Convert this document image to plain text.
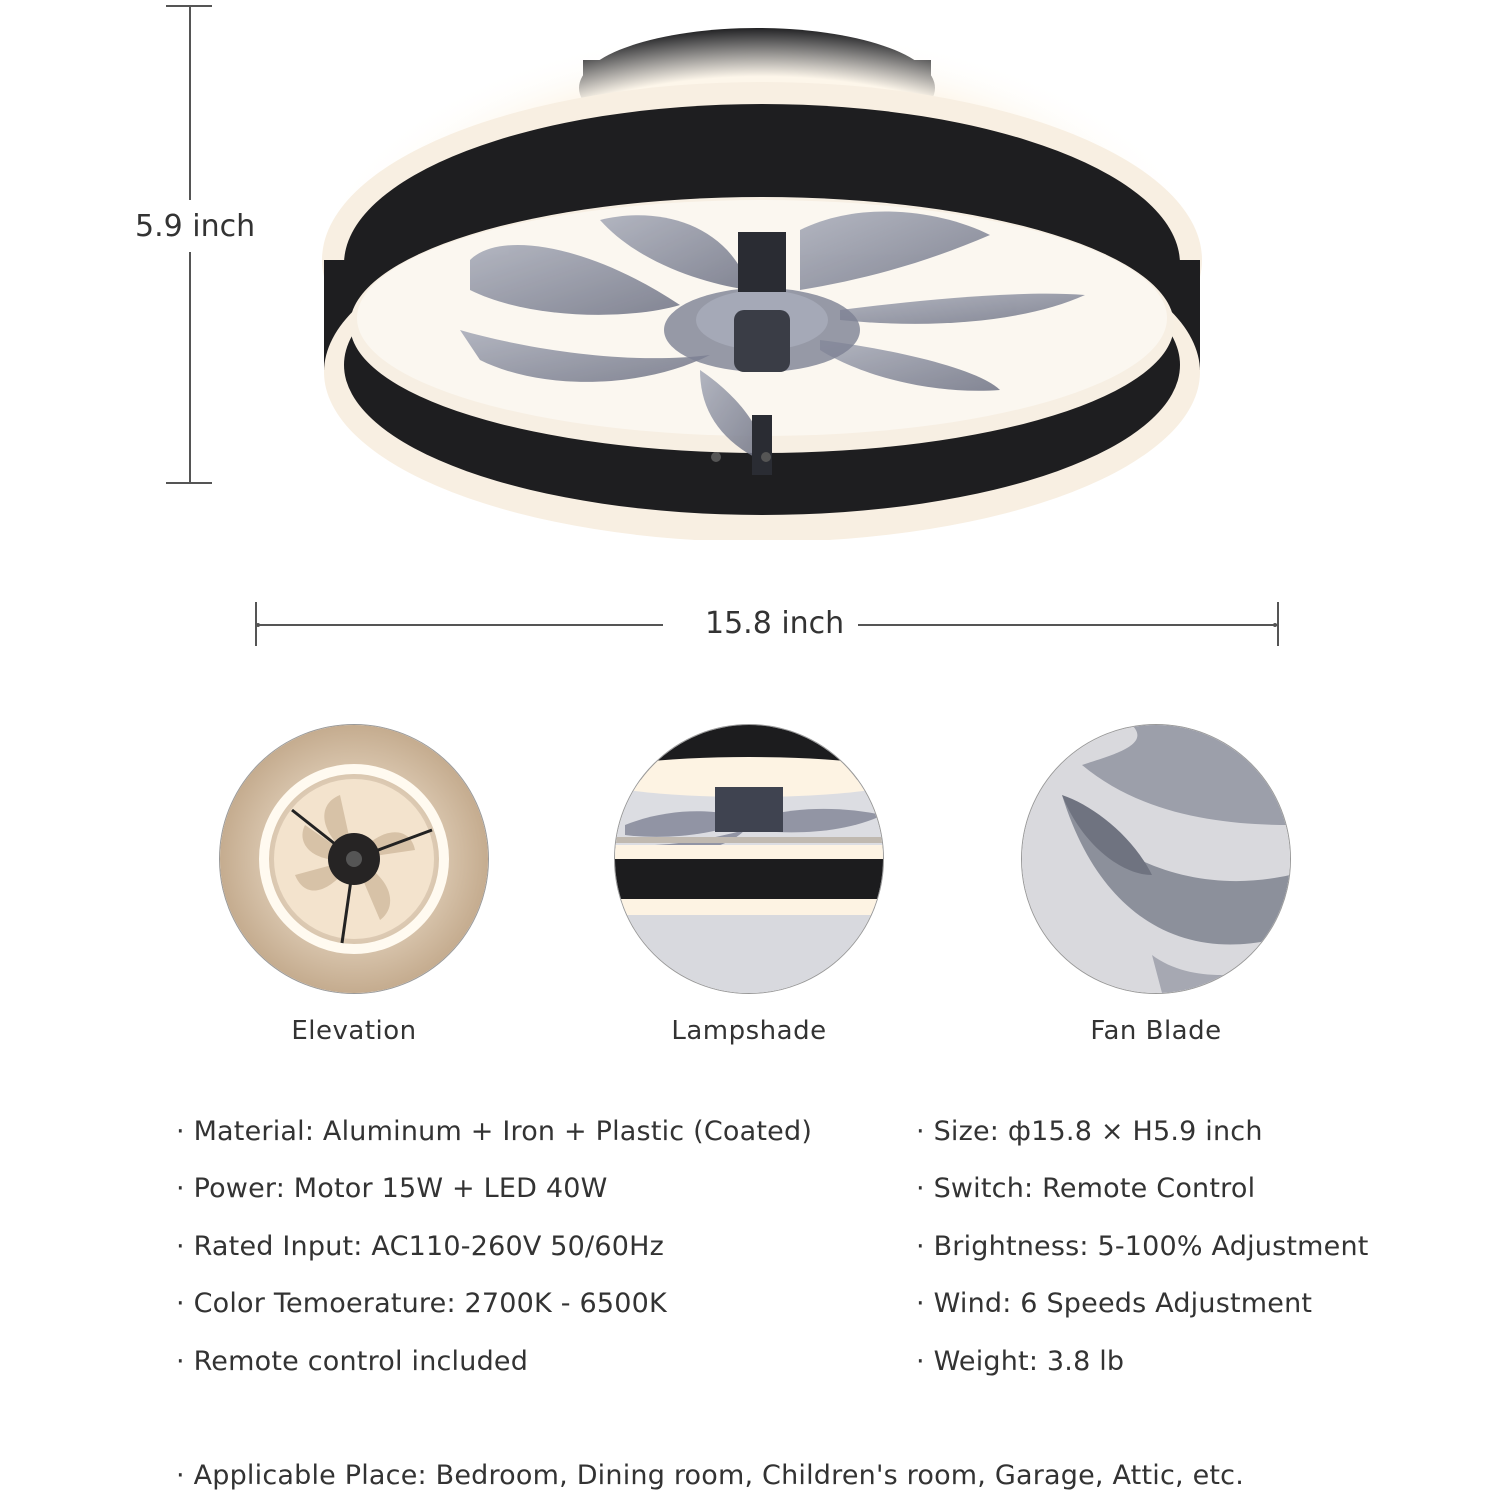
5.9 inch
15.8 inch
Elevation	Lampshade	Fan Blade
· Material: Aluminum + Iron + Plastic (Coated)
· Power: Motor 15W + LED 40W
· Rated Input: AC110-260V 50/60Hz
· Color Temoerature: 2700K - 6500K
· Remote control included
· Size: ф15.8 × H5.9 inch
· Switch: Remote Control
· Brightness: 5-100% Adjustment
· Wind: 6 Speeds Adjustment
· Weight: 3.8 lb
· Applicable Place: Bedroom, Dining room, Children's room, Garage, Attic, etc.
